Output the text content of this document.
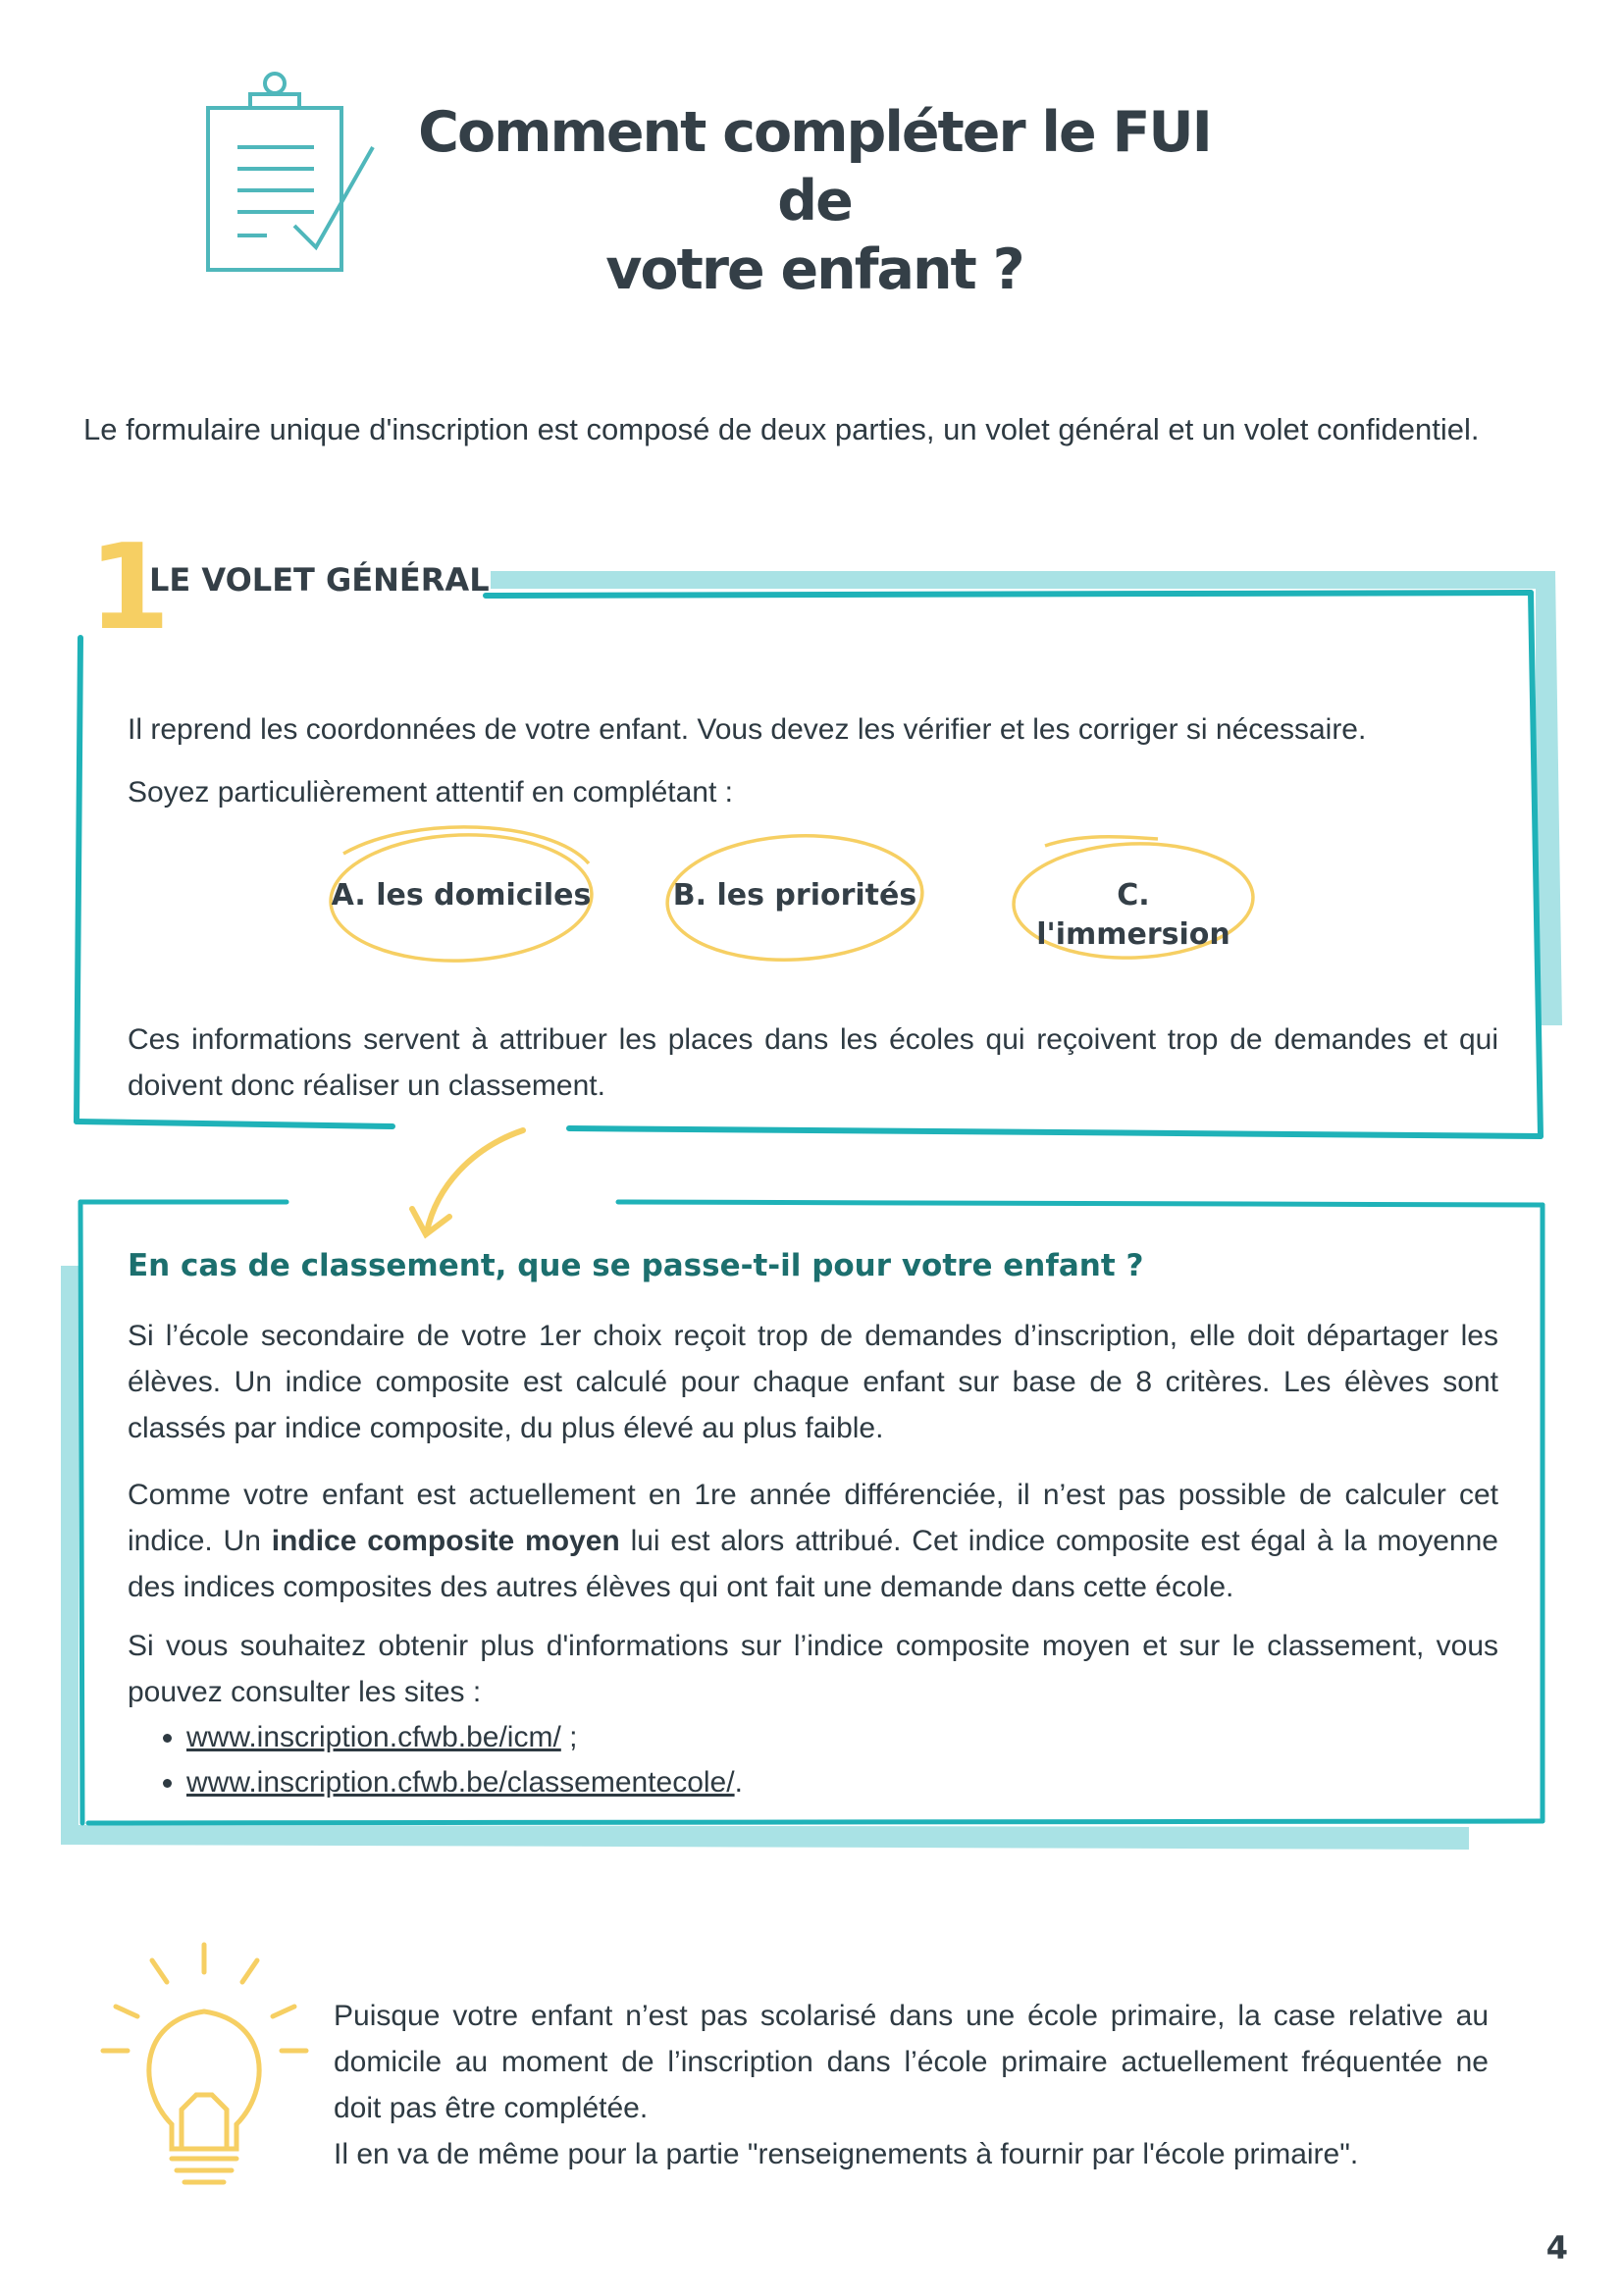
Comment compléter le FUI de
votre enfant ?
Le formulaire unique d'inscription est composé de deux parties, un volet général et un volet confidentiel.
1
LE VOLET GÉNÉRAL
Il reprend les coordonnées de votre enfant. Vous devez les vérifier et les corriger si nécessaire.
Soyez particulièrement attentif en complétant :
A. les domiciles	B. les priorités	C. l'immersion
Ces informations servent à attribuer les places dans les écoles qui reçoivent trop de demandes et qui doivent donc réaliser un classement.
En cas de classement, que se passe-t-il pour votre enfant ?
Si l’école secondaire de votre 1er choix reçoit trop de demandes d’inscription, elle doit départager les élèves. Un indice composite est calculé pour chaque enfant sur base de 8 critères. Les élèves sont classés par indice composite, du plus élevé au plus faible.
Comme votre enfant est actuellement en 1re année différenciée, il n’est pas possible de calculer cet indice. Un indice composite moyen lui est alors attribué. Cet indice composite est égal à la moyenne des indices composites des autres élèves qui ont fait une demande dans cette école.
Si vous souhaitez obtenir plus d'informations sur l’indice composite moyen et sur le classement, vous pouvez consulter les sites :
• www.inscription.cfwb.be/icm/ ;
• www.inscription.cfwb.be/classementecole/.
Puisque votre enfant n’est pas scolarisé dans une école primaire, la case relative au domicile au moment de l’inscription dans l’école primaire actuellement fréquentée ne doit pas être complétée.
Il en va de même pour la partie "renseignements à fournir par l'école primaire".
4
